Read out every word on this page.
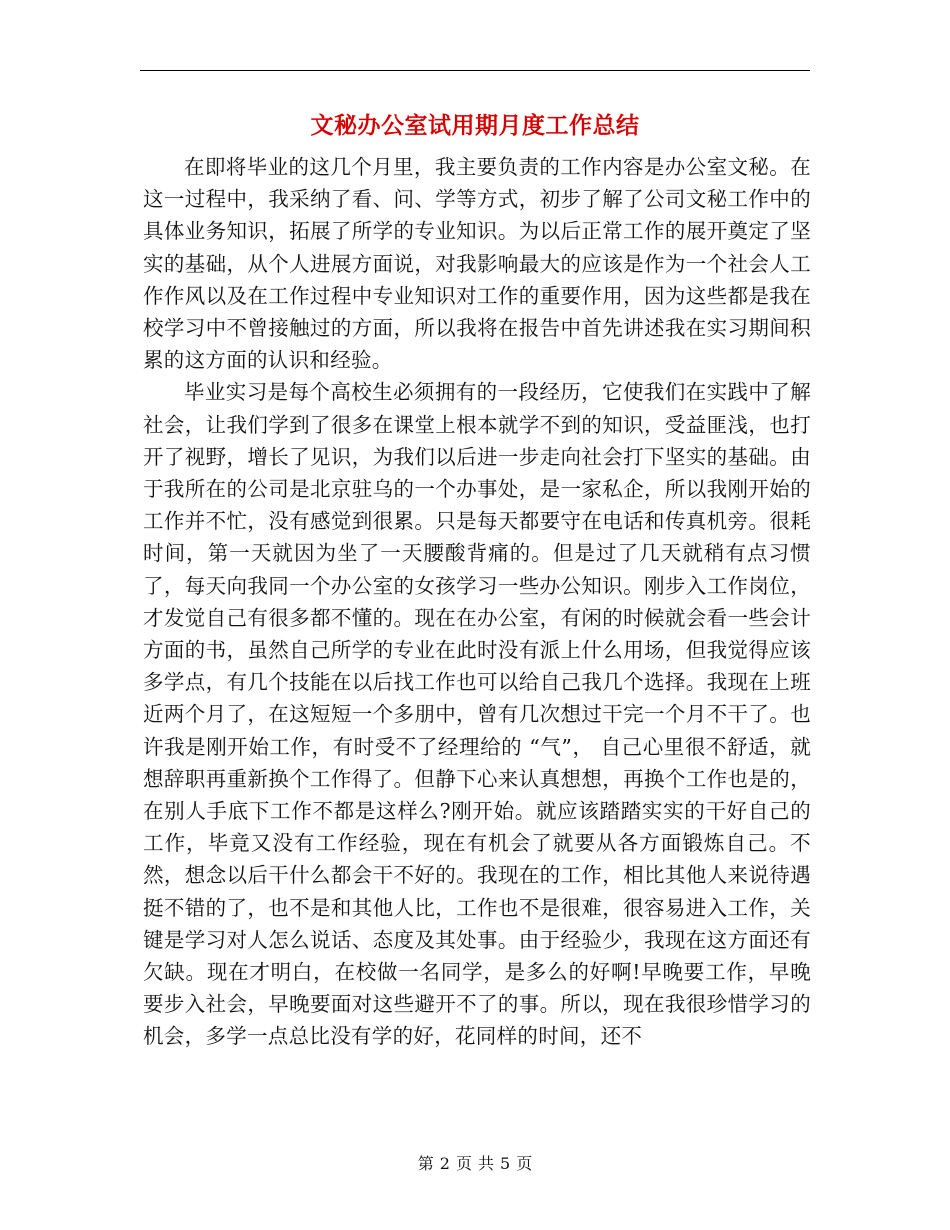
文秘办公室试用期月度工作总结

在即将毕业的这几个月里，我主要负责的工作内容是办公室文秘。在这一过程中，我采纳了看、问、学等方式，初步了解了公司文秘工作中的具体业务知识，拓展了所学的专业知识。为以后正常工作的展开奠定了坚实的基础，从个人进展方面说，对我影响最大的应该是作为一个社会人工作作风以及在工作过程中专业知识对工作的重要作用，因为这些都是我在校学习中不曾接触过的方面，所以我将在报告中首先讲述我在实习期间积累的这方面的认识和经验。

毕业实习是每个高校生必须拥有的一段经历，它使我们在实践中了解社会，让我们学到了很多在课堂上根本就学不到的知识，受益匪浅，也打开了视野，增长了见识，为我们以后进一步走向社会打下坚实的基础。由于我所在的公司是北京驻乌的一个办事处，是一家私企，所以我刚开始的工作并不忙，没有感觉到很累。只是每天都要守在电话和传真机旁。很耗时间，第一天就因为坐了一天腰酸背痛的。但是过了几天就稍有点习惯了，每天向我同一个办公室的女孩学习一些办公知识。刚步入工作岗位，才发觉自己有很多都不懂的。现在在办公室，有闲的时候就会看一些会计方面的书，虽然自己所学的专业在此时没有派上什么用场，但我觉得应该多学点，有几个技能在以后找工作也可以给自己我几个选择。我现在上班近两个月了，在这短短一个多朋中，曾有几次想过干完一个月不干了。也许我是刚开始工作，有时受不了经理给的 “气”， 自己心里很不舒适，就想辞职再重新换个工作得了。但静下心来认真想想，再换个工作也是的，在别人手底下工作不都是这样么?刚开始。就应该踏踏实实的干好自己的工作，毕竟又没有工作经验，现在有机会了就要从各方面锻炼自己。不然，想念以后干什么都会干不好的。我现在的工作，相比其他人来说待遇挺不错的了，也不是和其他人比，工作也不是很难，很容易进入工作，关键是学习对人怎么说话、态度及其处事。由于经验少，我现在这方面还有欠缺。现在才明白，在校做一名同学，是多么的好啊!早晚要工作，早晚要步入社会，早晚要面对这些避开不了的事。所以，现在我很珍惜学习的机会，多学一点总比没有学的好，花同样的时间，还不

第 2 页 共 5 页
